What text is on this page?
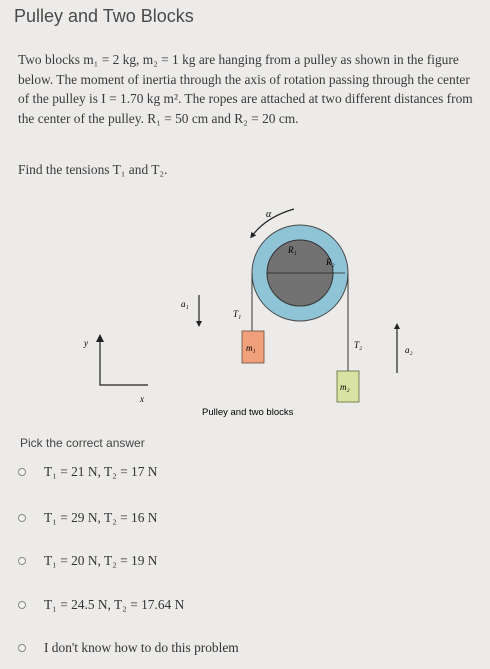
Pulley and Two Blocks

Two blocks m₁ = 2 kg, m₂ = 1 kg are hanging from a pulley as shown in the figure below. The moment of inertia through the axis of rotation passing through the center of the pulley is I = 1.70 kg m². The ropes are attached at two different distances from the center of the pulley. R₁ = 50 cm and R₂ = 20 cm.

Find the tensions T₁ and T₂.

α
R₁
R₂
T₁
T₂
m₁
m₂
a₁
a₂
y
x
Pulley and two blocks

Pick the correct answer

T₁ = 21 N, T₂ = 17 N
T₁ = 29 N, T₂ = 16 N
T₁ = 20 N, T₂ = 19 N
T₁ = 24.5 N, T₂ = 17.64 N
I don't know how to do this problem
